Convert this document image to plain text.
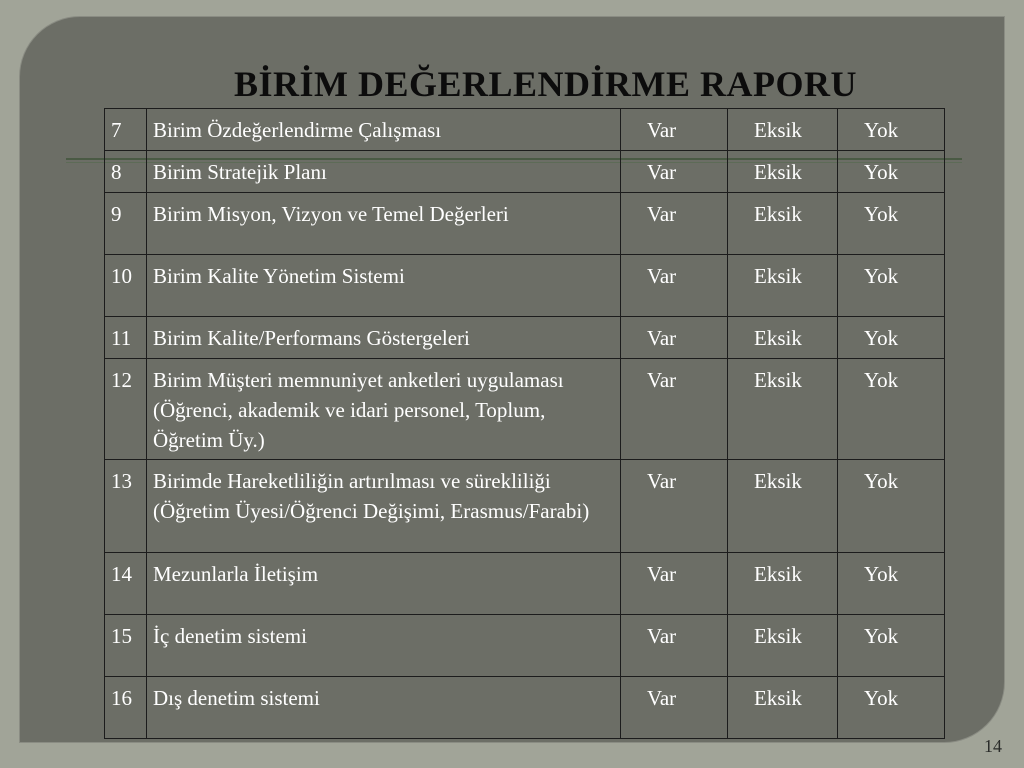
BİRİM DEĞERLENDİRME RAPORU
7	Birim Özdeğerlendirme Çalışması	Var	Eksik	Yok
8	Birim Stratejik Planı	Var	Eksik	Yok
9	Birim Misyon, Vizyon ve Temel Değerleri	Var	Eksik	Yok
10	Birim Kalite Yönetim Sistemi	Var	Eksik	Yok
11	Birim Kalite/Performans Göstergeleri	Var	Eksik	Yok
12	Birim Müşteri memnuniyet anketleri uygulaması (Öğrenci, akademik ve idari personel, Toplum, Öğretim Üy.)	Var	Eksik	Yok
13	Birimde Hareketliliğin artırılması ve sürekliliği (Öğretim Üyesi/Öğrenci Değişimi, Erasmus/Farabi)	Var	Eksik	Yok
14	Mezunlarla İletişim	Var	Eksik	Yok
15	İç denetim sistemi	Var	Eksik	Yok
16	Dış denetim sistemi	Var	Eksik	Yok
14
